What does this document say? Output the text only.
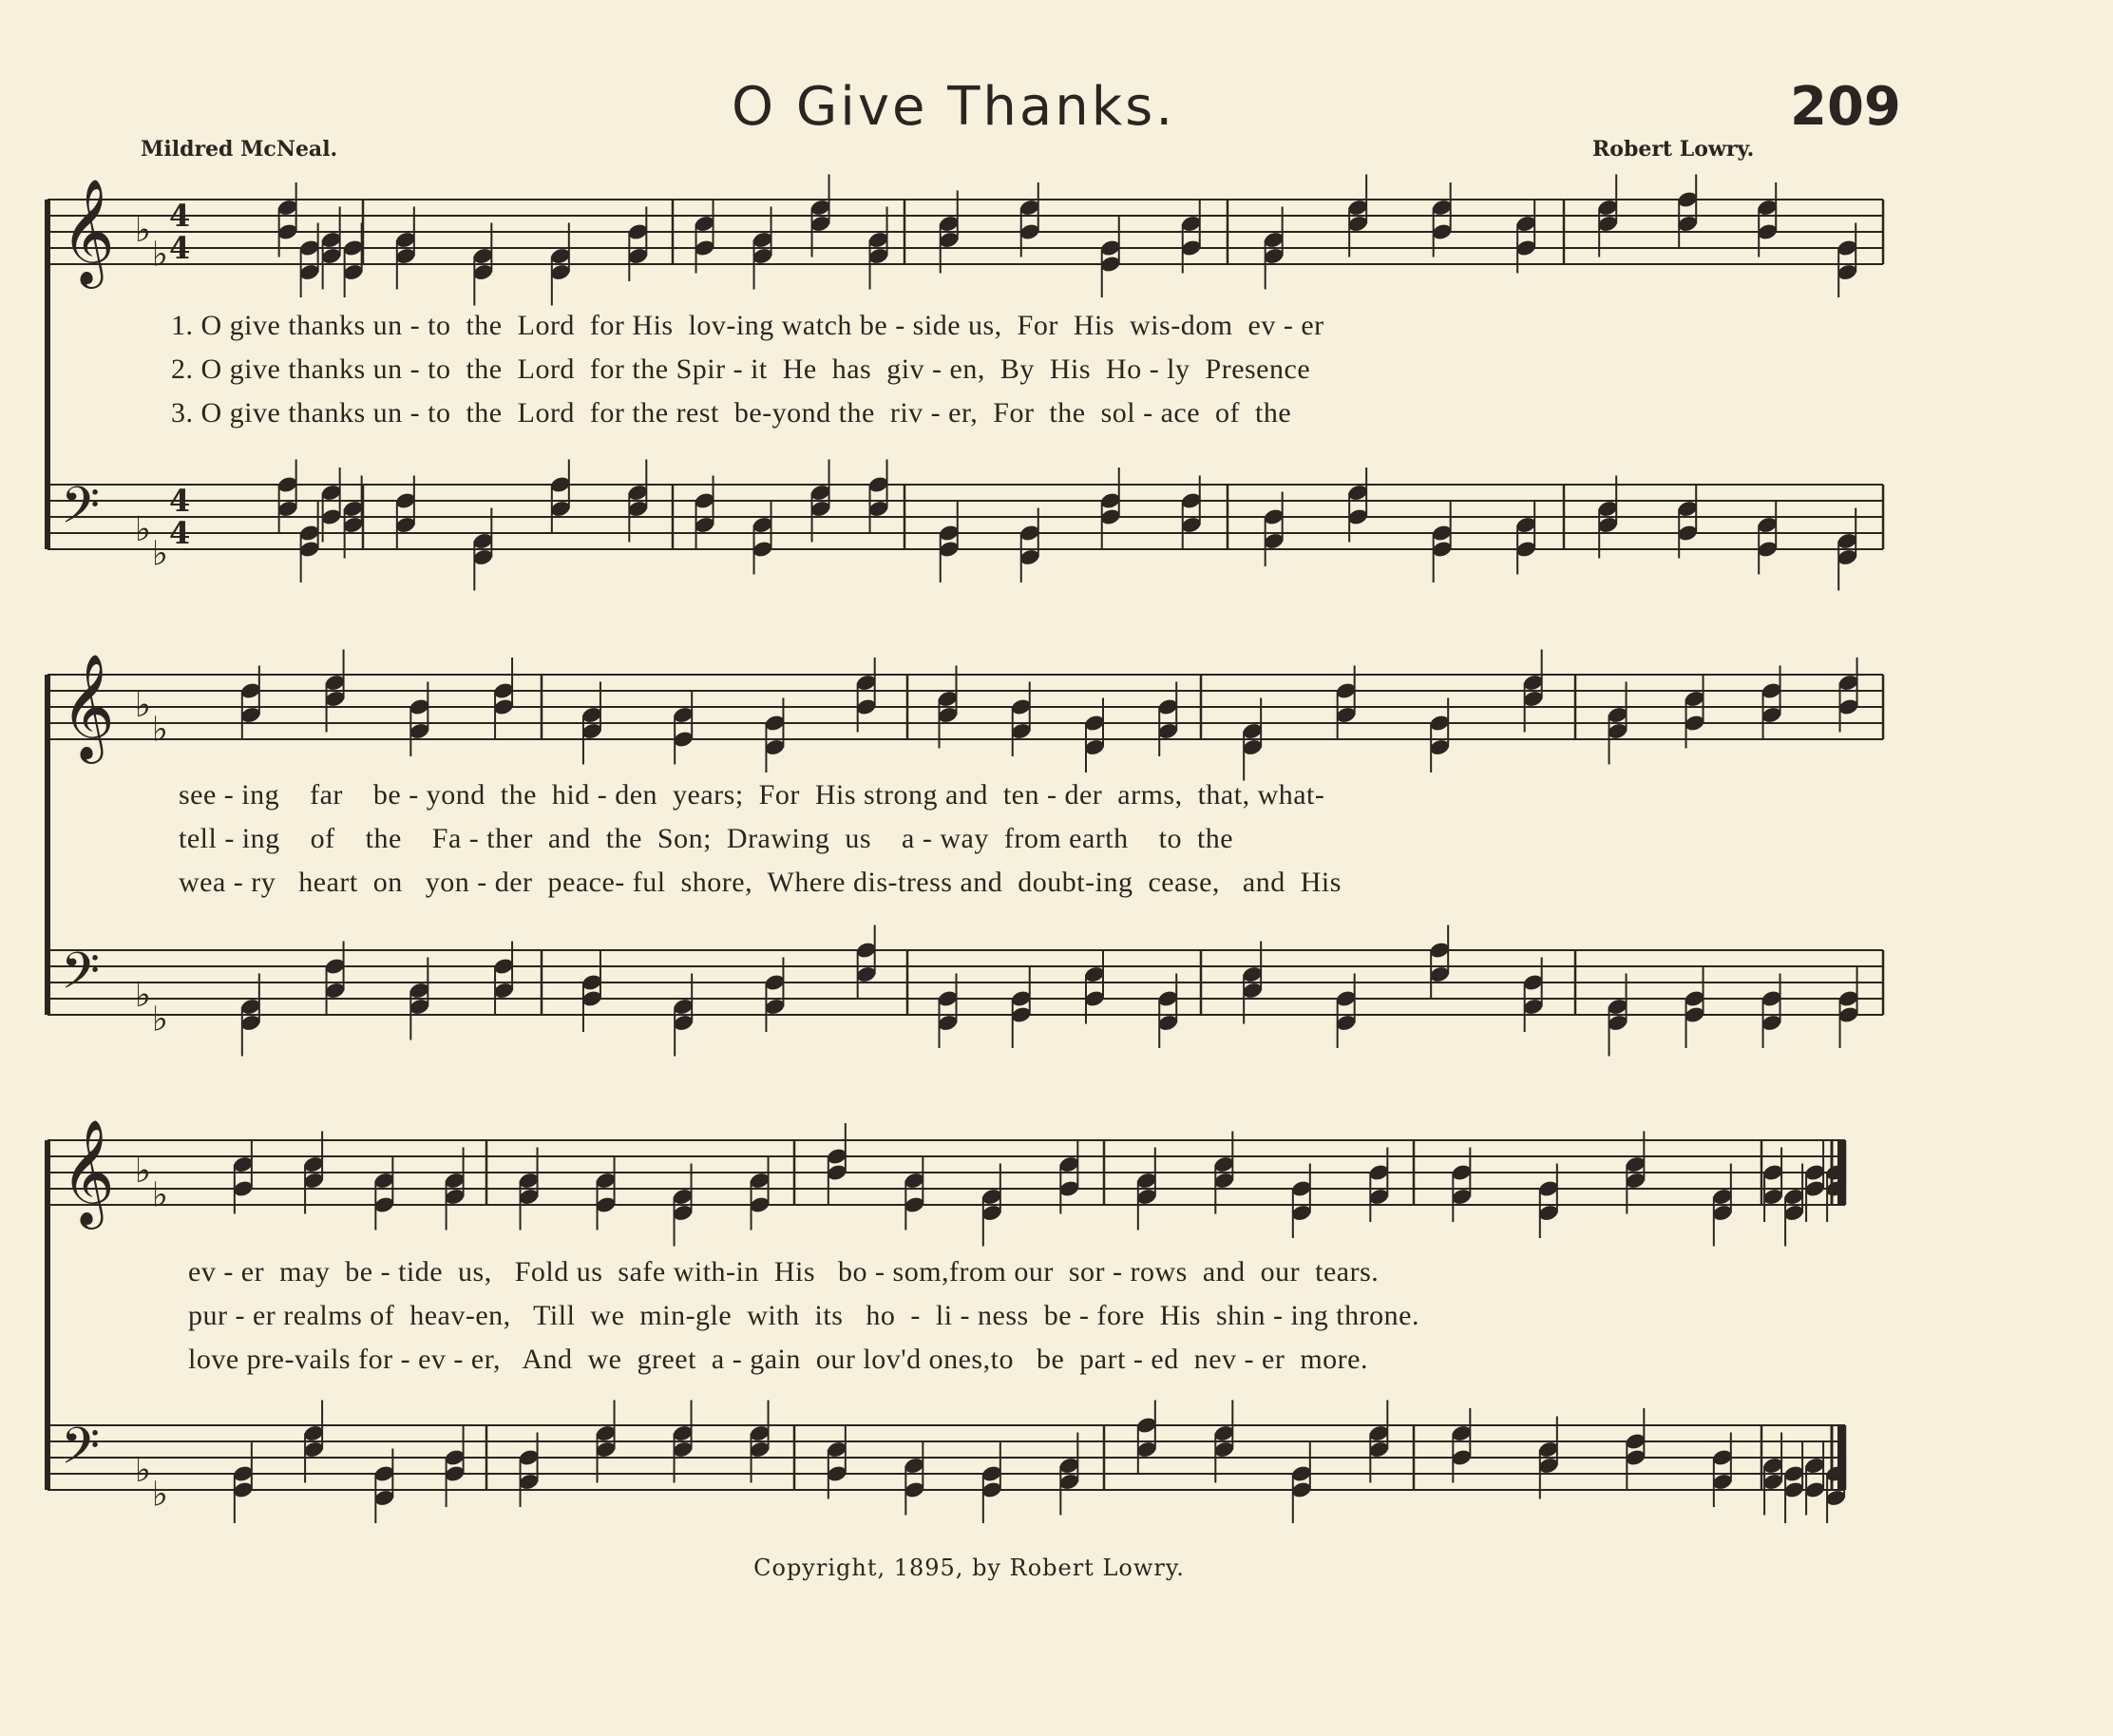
𝄞 ♭
♭
4
4
𝄢 ♭
♭
4
4
𝄞 ♭
♭
𝄢 ♭
♭
𝄞 ♭
♭
𝄢 ♭
♭
O Give Thanks.	209
Mildred McNeal.	Robert Lowry.
1. O give thanks un - to  the  Lord  for His  lov-ing watch be - side us,  For  His  wis-dom  ev - er
2. O give thanks un - to  the  Lord  for the Spir - it  He  has  giv - en,  By  His  Ho - ly  Presence
3. O give thanks un - to  the  Lord  for the rest  be-yond the  riv - er,  For  the  sol - ace  of  the
see - ing    far    be - yond  the  hid - den  years;  For  His strong and  ten - der  arms,  that, what-
tell - ing    of    the    Fa - ther  and  the  Son;  Drawing  us    a - way  from earth    to  the
wea - ry   heart  on   yon - der  peace- ful  shore,  Where dis-tress and  doubt-ing  cease,   and  His
ev - er  may  be - tide  us,   Fold us  safe with-in  His   bo - som,from our  sor - rows  and  our  tears.
pur - er realms of  heav-en,   Till  we  min-gle  with  its   ho  -  li - ness  be - fore  His  shin - ing throne.
love pre-vails for - ev - er,   And  we  greet  a - gain  our lov'd ones,to   be  part - ed  nev - er  more.
Copyright, 1895, by Robert Lowry.
